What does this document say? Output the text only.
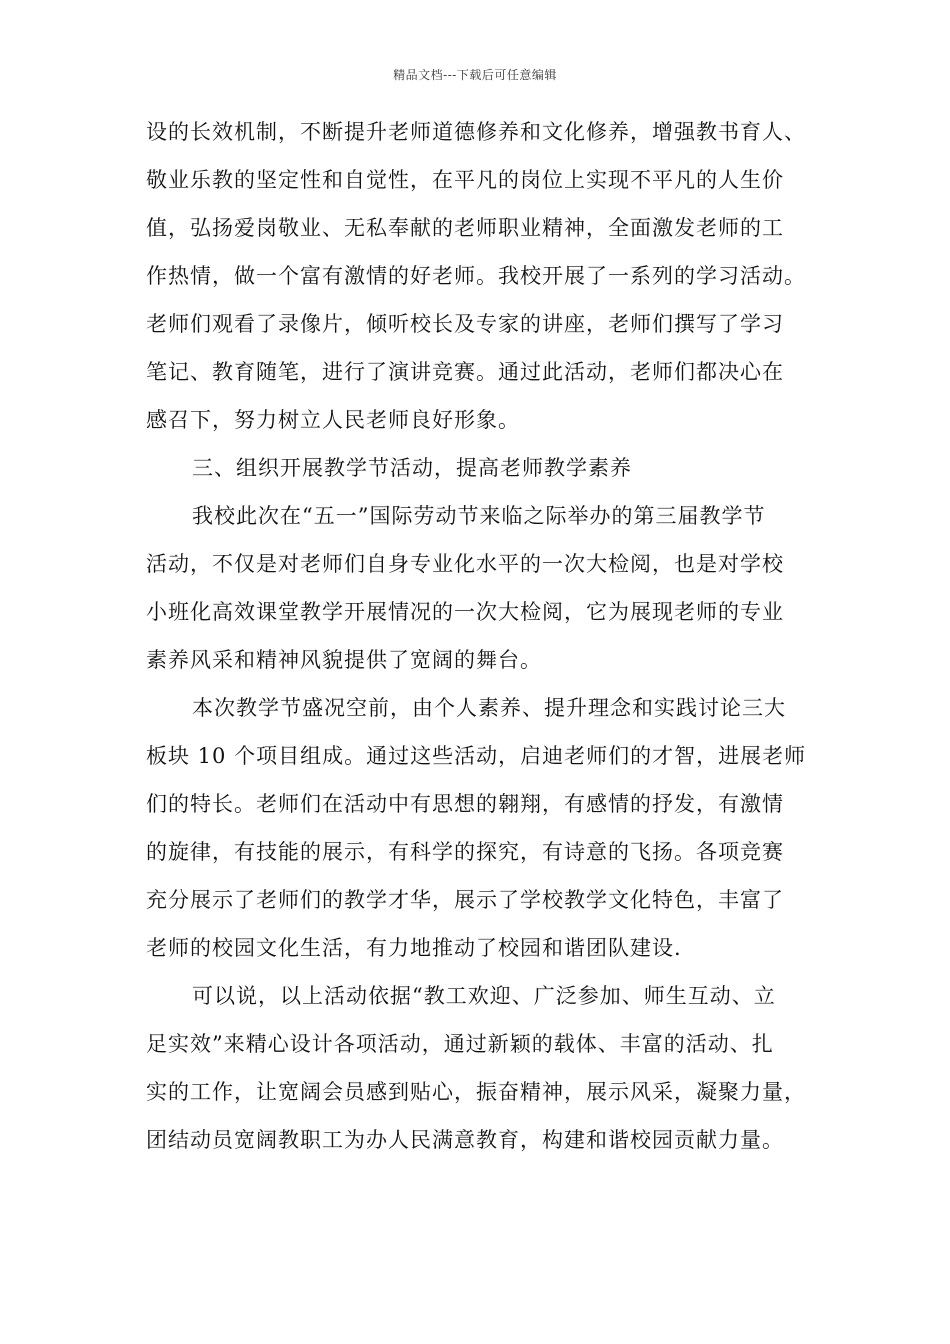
精品文档---下载后可任意编辑
设的长效机制，不断提升老师道德修养和文化修养，增强教书育人、
敬业乐教的坚定性和自觉性，在平凡的岗位上实现不平凡的人生价
值，弘扬爱岗敬业、无私奉献的老师职业精神，全面激发老师的工
作热情，做一个富有激情的好老师。我校开展了一系列的学习活动。
老师们观看了录像片，倾听校长及专家的讲座，老师们撰写了学习
笔记、教育随笔，进行了演讲竞赛。通过此活动，老师们都决心在
感召下，努力树立人民老师良好形象。
三、组织开展教学节活动，提高老师教学素养
我校此次在“五一”国际劳动节来临之际举办的第三届教学节
活动，不仅是对老师们自身专业化水平的一次大检阅，也是对学校
小班化高效课堂教学开展情况的一次大检阅，它为展现老师的专业
素养风采和精神风貌提供了宽阔的舞台。
本次教学节盛况空前，由个人素养、提升理念和实践讨论三大
板块 10 个项目组成。通过这些活动，启迪老师们的才智，进展老师
们的特长。老师们在活动中有思想的翱翔，有感情的抒发，有激情
的旋律，有技能的展示，有科学的探究，有诗意的飞扬。各项竞赛
充分展示了老师们的教学才华，展示了学校教学文化特色，丰富了
老师的校园文化生活，有力地推动了校园和谐团队建设.
可以说，以上活动依据“教工欢迎、广泛参加、师生互动、立
足实效”来精心设计各项活动，通过新颖的载体、丰富的活动、扎
实的工作，让宽阔会员感到贴心，振奋精神，展示风采，凝聚力量，
团结动员宽阔教职工为办人民满意教育，构建和谐校园贡献力量。
